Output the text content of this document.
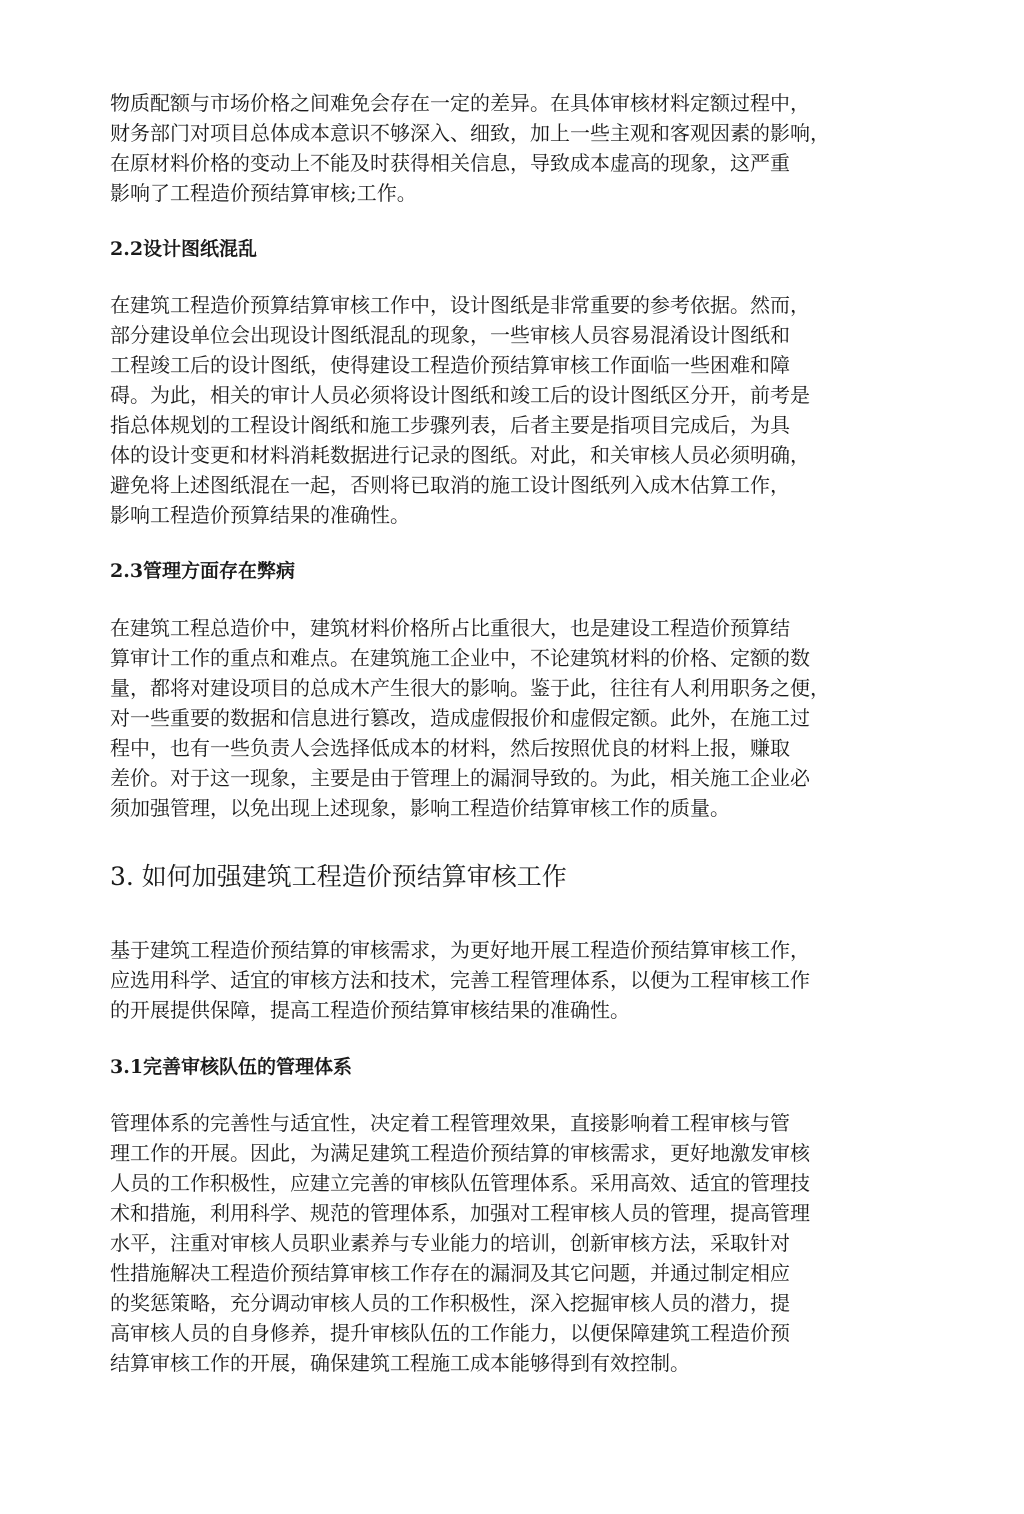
物质配额与市场价格之间难免会存在一定的差异。在具体审核材料定额过程中，

财务部门对项目总体成本意识不够深入、细致，加上一些主观和客观因素的影响，

在原材料价格的变动上不能及时获得相关信息，导致成本虚高的现象，这严重

影响了工程造价预结算审核;工作。

2.2设计图纸混乱

在建筑工程造价预算结算审核工作中，设计图纸是非常重要的参考依据。然而，

部分建设单位会出现设计图纸混乱的现象，一些审核人员容易混淆设计图纸和

工程竣工后的设计图纸，使得建设工程造价预结算审核工作面临一些困难和障

碍。为此，相关的审计人员必须将设计图纸和竣工后的设计图纸区分开，前考是

指总体规划的工程设计阁纸和施工步骤列表，后者主要是指项目完成后，为具

体的设计变更和材料消耗数据进行记录的图纸。对此，和关审核人员必须明确，

避免将上述图纸混在一起，否则将已取消的施工设计图纸列入成木估算工作，

影响工程造价预算结果的准确性。

2.3管理方面存在弊病

在建筑工程总造价中，建筑材料价格所占比重很大，也是建设工程造价预算结

算审计工作的重点和难点。在建筑施工企业中，不论建筑材料的价格、定额的数

量，都将对建设项目的总成木产生很大的影响。鉴于此，往往有人利用职务之便，

对一些重要的数据和信息进行篡改，造成虚假报价和虚假定额。此外，在施工过

程中，也有一些负责人会选择低成本的材料，然后按照优良的材料上报，赚取

差价。对于这一现象，主要是由于管理上的漏洞导致的。为此，相关施工企业必

须加强管理，以免出现上述现象，影响工程造价结算审核工作的质量。

3. 如何加强建筑工程造价预结算审核工作

基于建筑工程造价预结算的审核需求，为更好地开展工程造价预结算审核工作，

应选用科学、适宜的审核方法和技术，完善工程管理体系，以便为工程审核工作

的开展提供保障，提高工程造价预结算审核结果的准确性。

3.1完善审核队伍的管理体系

管理体系的完善性与适宜性，决定着工程管理效果，直接影响着工程审核与管

理工作的开展。因此，为满足建筑工程造价预结算的审核需求，更好地激发审核

人员的工作积极性，应建立完善的审核队伍管理体系。采用高效、适宜的管理技

术和措施，利用科学、规范的管理体系，加强对工程审核人员的管理，提高管理

水平，注重对审核人员职业素养与专业能力的培训，创新审核方法，采取针对

性措施解决工程造价预结算审核工作存在的漏洞及其它问题，并通过制定相应

的奖惩策略，充分调动审核人员的工作积极性，深入挖掘审核人员的潜力，提

高审核人员的自身修养，提升审核队伍的工作能力，以便保障建筑工程造价预

结算审核工作的开展，确保建筑工程施工成本能够得到有效控制。
